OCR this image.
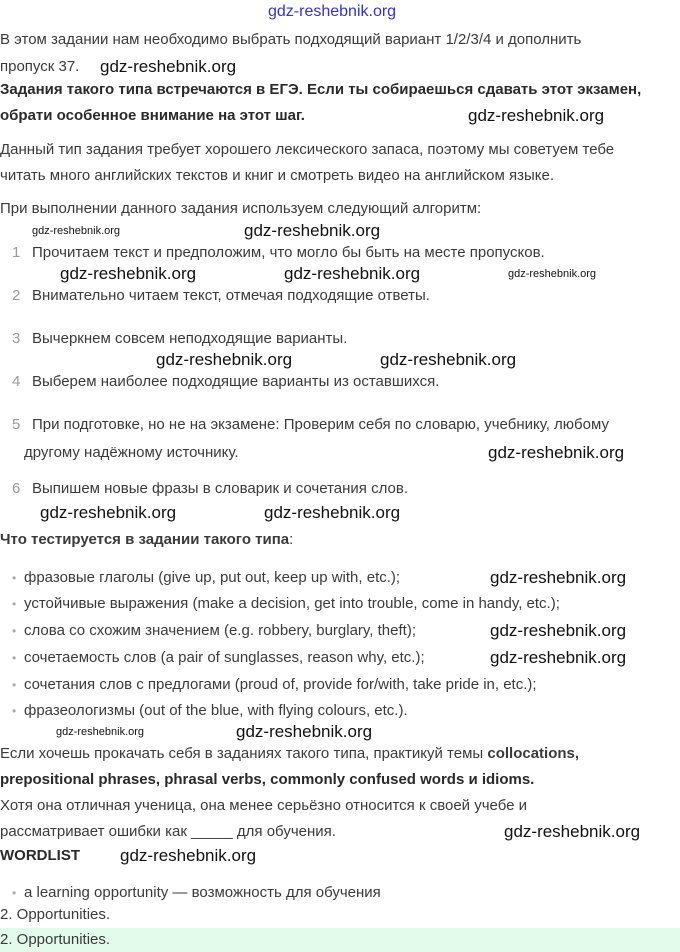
gdz-reshebnik.org
В этом задании нам необходимо выбрать подходящий вариант 1/2/3/4 и дополнить
пропуск 37.
Задания такого типа встречаются в ЕГЭ. Если ты собираешься сдавать этот экзамен,
обрати особенное внимание на этот шаг.
Данный тип задания требует хорошего лексического запаса, поэтому мы советуем тебе
читать много английских текстов и книг и смотреть видео на английском языке.
При выполнении данного задания используем следующий алгоритм:
1 Прочитаем текст и предположим, что могло бы быть на месте пропусков.
2 Внимательно читаем текст, отмечая подходящие ответы.
3 Вычеркнем совсем неподходящие варианты.
4 Выберем наиболее подходящие варианты из оставшихся.
5 При подготовке, но не на экзамене: Проверим себя по словарю, учебнику, любому
другому надёжному источнику.
6 Выпишем новые фразы в словарик и сочетания слов.
Что тестируется в задании такого типа:
• фразовые глаголы (give up, put out, keep up with, etc.);
• устойчивые выражения (make a decision, get into trouble, come in handy, etc.);
• слова со схожим значением (e.g. robbery, burglary, theft);
• сочетаемость слов (a pair of sunglasses, reason why, etc.);
• сочетания слов с предлогами (proud of, provide for/with, take pride in, etc.);
• фразеологизмы (out of the blue, with flying colours, etc.).
Если хочешь прокачать себя в заданиях такого типа, практикуй темы collocations,
prepositional phrases, phrasal verbs, commonly confused words и idioms.
Хотя она отличная ученица, она менее серьёзно относится к своей учебе и
рассматривает ошибки как _____ для обучения.
WORDLIST
• a learning opportunity — возможность для обучения
2. Opportunities.
2. Opportunities.
gdz-reshebnik.org
gdz-reshebnik.org
gdz-reshebnik.org	gdz-reshebnik.org
gdz-reshebnik.org	gdz-reshebnik.org	gdz-reshebnik.org
gdz-reshebnik.org	gdz-reshebnik.org
gdz-reshebnik.org
gdz-reshebnik.org
gdz-reshebnik.org
gdz-reshebnik.org
gdz-reshebnik.org
gdz-reshebnik.org
gdz-reshebnik.org	gdz-reshebnik.org
gdz-reshebnik.org
gdz-reshebnik.org
